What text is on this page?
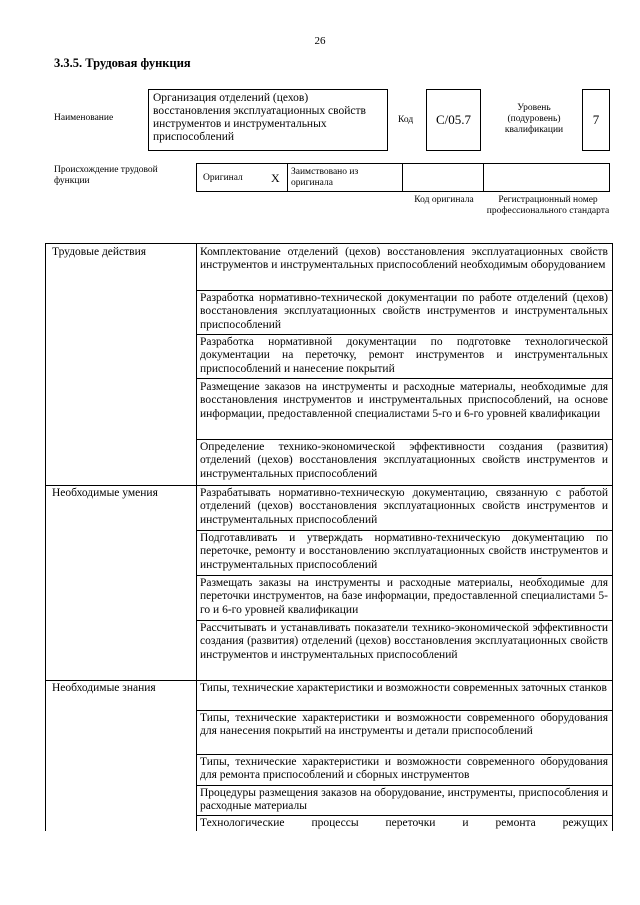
26
3.3.5. Трудовая функция
Наименование
Организация отделений (цехов) восстановления эксплуатационных свойств инструментов и инструментальных приспособлений
Код	C/05.7
Уровень (подуровень) квалификации
7
Происхождение трудовой функции	Оригинал X Заимствовано из оригинала
Код оригинала	Регистрационный номер профессионального стандарта
Трудовые действия	Комплектование отделений (цехов) восстановления эксплуатационных свойств инструментов и инструментальных приспособлений необходимым оборудованием
Разработка нормативно-технической документации по работе отделений (цехов) восстановления эксплуатационных свойств инструментов и инструментальных приспособлений
Разработка нормативной документации по подготовке технологической документации на переточку, ремонт инструментов и инструментальных приспособлений и нанесение покрытий
Размещение заказов на инструменты и расходные материалы, необходимые для восстановления инструментов и инструментальных приспособлений, на основе информации, предоставленной специалистами 5-го и 6-го уровней квалификации
Определение технико-экономической эффективности создания (развития) отделений (цехов) восстановления эксплуатационных свойств инструментов и инструментальных приспособлений
Необходимые умения	Разрабатывать нормативно-техническую документацию, связанную с работой отделений (цехов) восстановления эксплуатационных свойств инструментов и инструментальных приспособлений
Подготавливать и утверждать нормативно-техническую документацию по переточке, ремонту и восстановлению эксплуатационных свойств инструментов и инструментальных приспособлений
Размещать заказы на инструменты и расходные материалы, необходимые для переточки инструментов, на базе информации, предоставленной специалистами 5-го и 6-го уровней квалификации
Рассчитывать и устанавливать показатели технико-экономической эффективности создания (развития) отделений (цехов) восстановления эксплуатационных свойств инструментов и инструментальных приспособлений
Необходимые знания	Типы, технические характеристики и возможности современных заточных станков
Типы, технические характеристики и возможности современного оборудования для нанесения покрытий на инструменты и детали приспособлений
Типы, технические характеристики и возможности современного оборудования для ремонта приспособлений и сборных инструментов
Процедуры размещения заказов на оборудование, инструменты, приспособления и расходные материалы
Технологические процессы переточки и ремонта режущих
